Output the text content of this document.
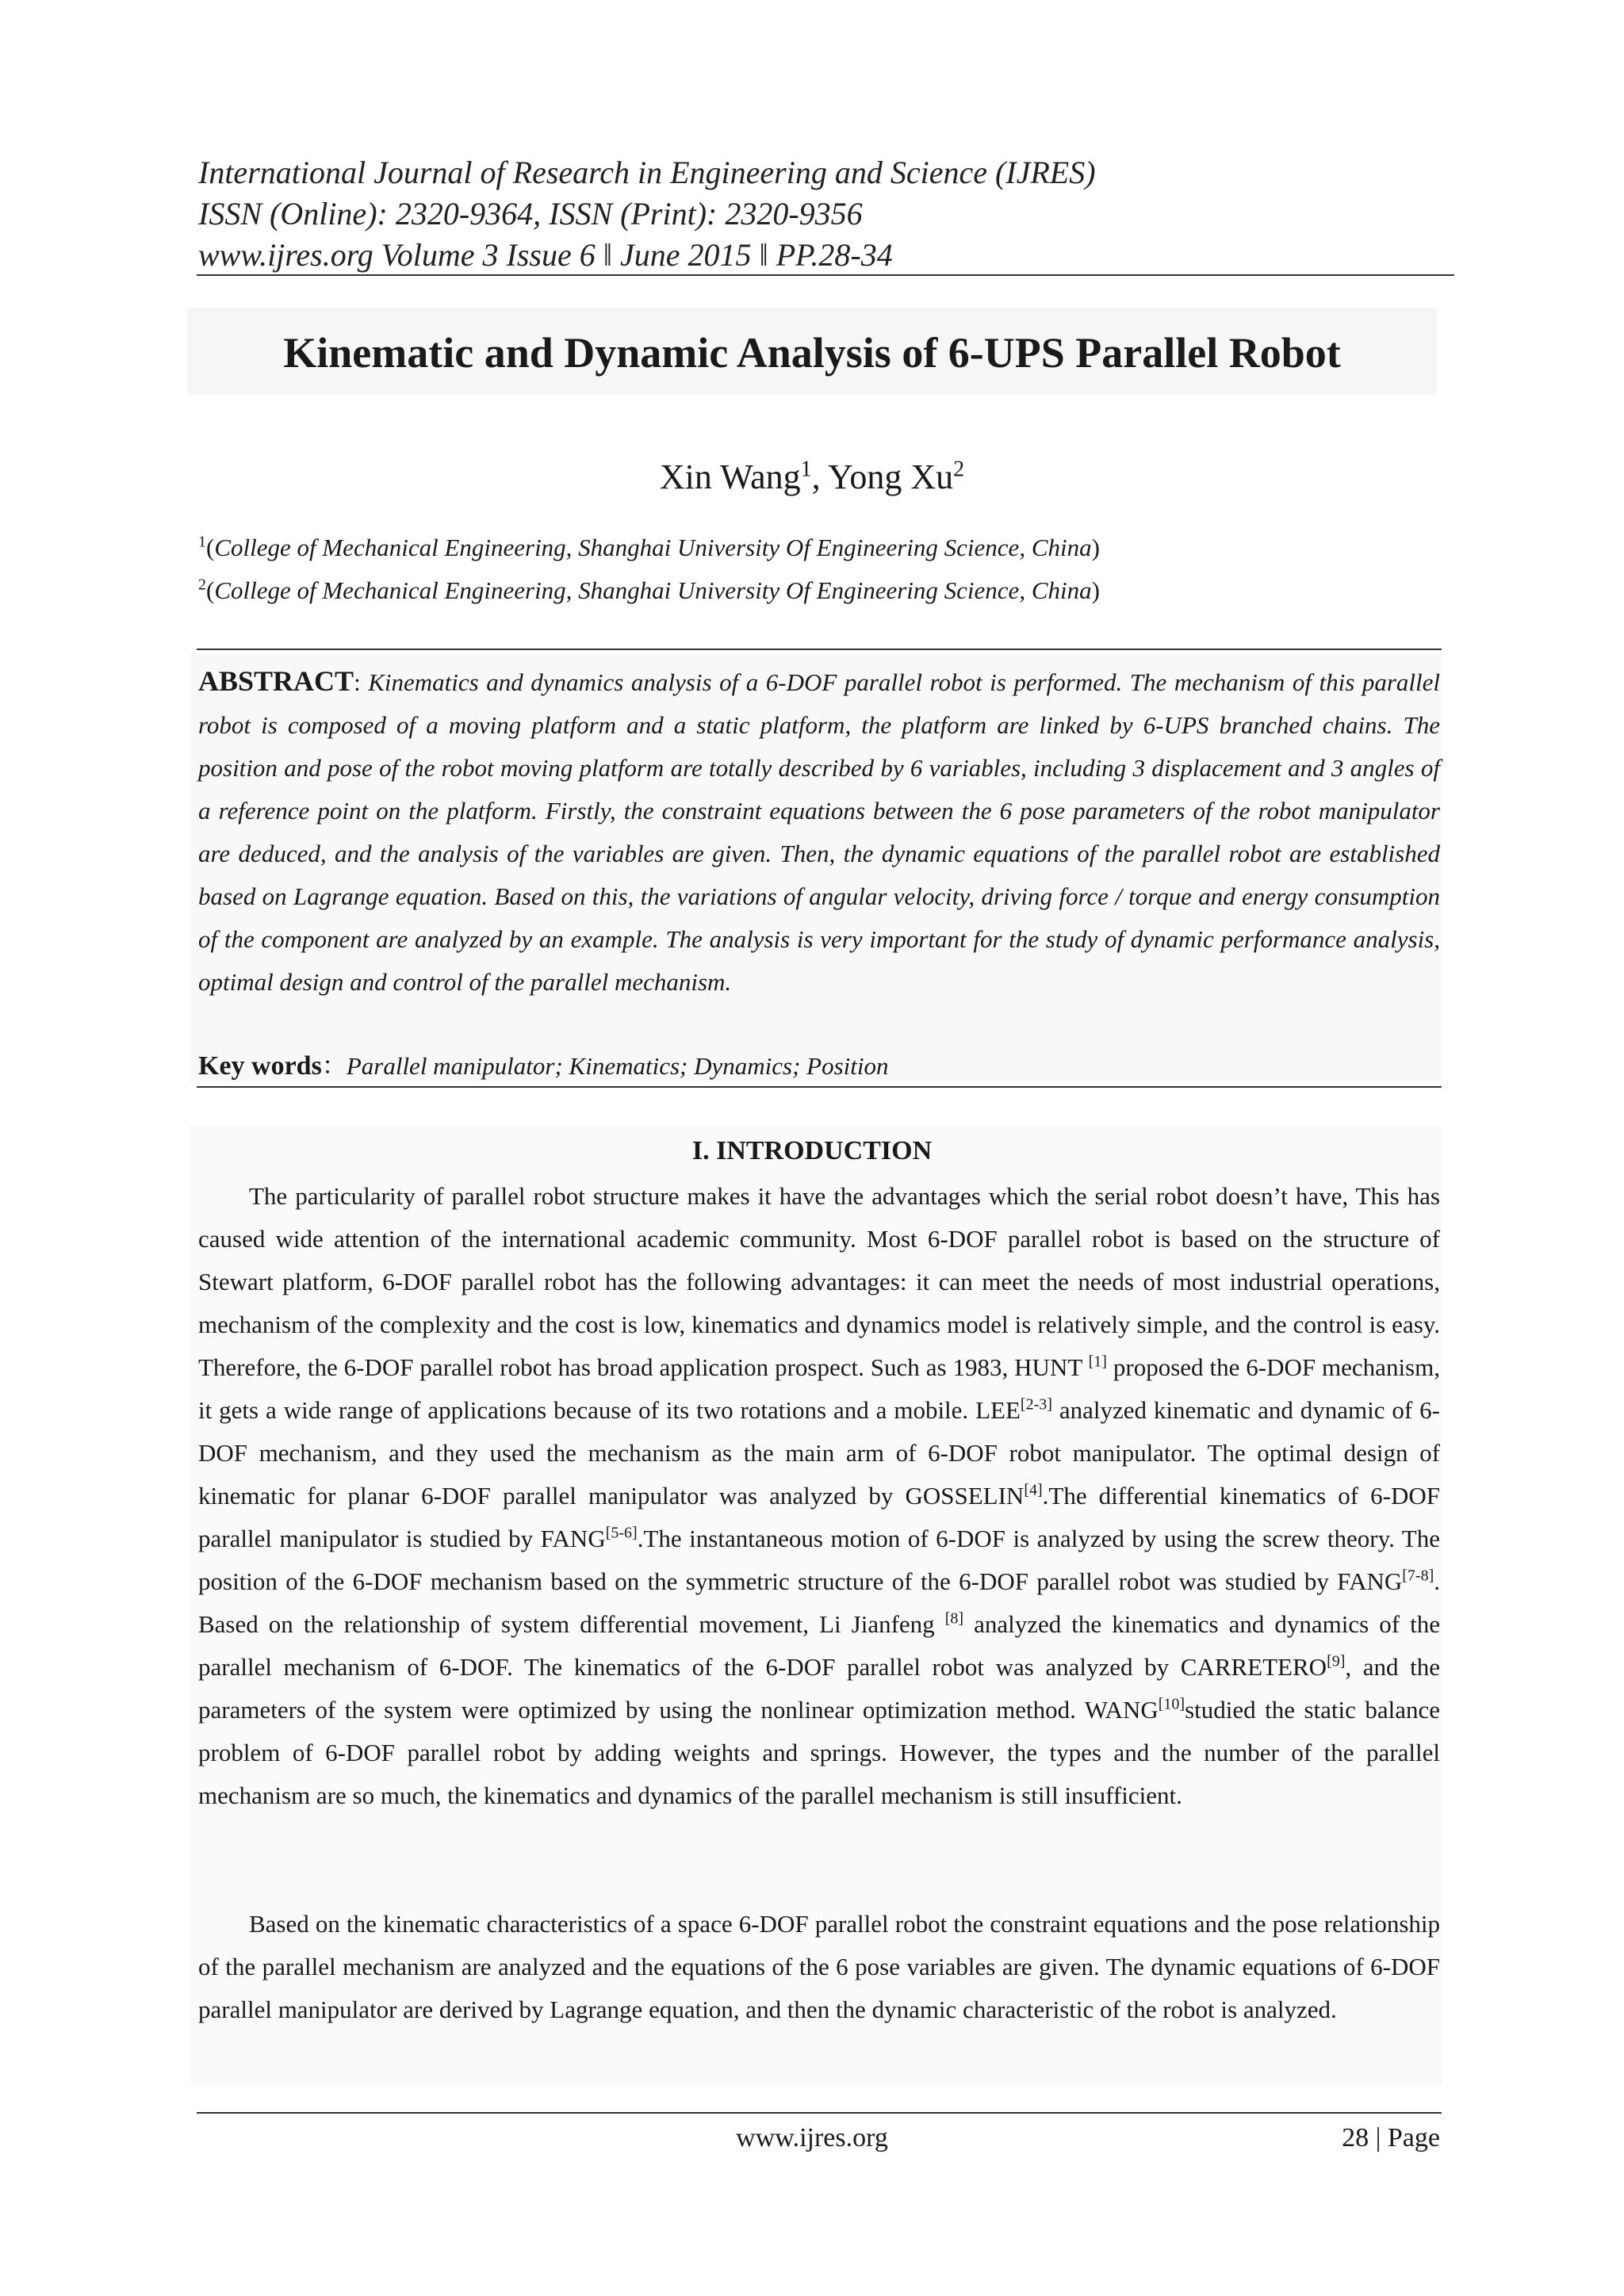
International Journal of Research in Engineering and Science (IJRES)
ISSN (Online): 2320-9364, ISSN (Print): 2320-9356
www.ijres.org Volume 3 Issue 6 ǁ June 2015 ǁ PP.28-34
Kinematic and Dynamic Analysis of 6-UPS Parallel Robot
Xin Wang$^1$, Yong Xu$^2$
$^1$(College of Mechanical Engineering, Shanghai University Of Engineering Science, China)
$^2$(College of Mechanical Engineering, Shanghai University Of Engineering Science, China)
ABSTRACT: Kinematics and dynamics analysis of a 6-DOF parallel robot is performed. The mechanism of this parallel robot is composed of a moving platform and a static platform, the platform are linked by 6-UPS branched chains. The position and pose of the robot moving platform are totally described by 6 variables, including 3 displacement and 3 angles of a reference point on the platform. Firstly, the constraint equations between the 6 pose parameters of the robot manipulator are deduced, and the analysis of the variables are given. Then, the dynamic equations of the parallel robot are established based on Lagrange equation. Based on this, the variations of angular velocity, driving force / torque and energy consumption of the component are analyzed by an example. The analysis is very important for the study of dynamic performance analysis, optimal design and control of the parallel mechanism.
Key words：Parallel manipulator; Kinematics; Dynamics; Position
I. INTRODUCTION
The particularity of parallel robot structure makes it have the advantages which the serial robot doesn’t have, This has caused wide attention of the international academic community. Most 6-DOF parallel robot is based on the structure of Stewart platform, 6-DOF parallel robot has the following advantages: it can meet the needs of most industrial operations, mechanism of the complexity and the cost is low, kinematics and dynamics model is relatively simple, and the control is easy. Therefore, the 6-DOF parallel robot has broad application prospect. Such as 1983, HUNT [1] proposed the 6-DOF mechanism, it gets a wide range of applications because of its two rotations and a mobile. LEE[2-3] analyzed kinematic and dynamic of 6-DOF mechanism, and they used the mechanism as the main arm of 6-DOF robot manipulator. The optimal design of kinematic for planar 6-DOF parallel manipulator was analyzed by GOSSELIN[4].The differential kinematics of 6-DOF parallel manipulator is studied by FANG[5-6].The instantaneous motion of 6-DOF is analyzed by using the screw theory. The position of the 6-DOF mechanism based on the symmetric structure of the 6-DOF parallel robot was studied by FANG[7-8]. Based on the relationship of system differential movement, Li Jianfeng [8] analyzed the kinematics and dynamics of the parallel mechanism of 6-DOF. The kinematics of the 6-DOF parallel robot was analyzed by CARRETERO[9], and the parameters of the system were optimized by using the nonlinear optimization method. WANG[10]studied the static balance problem of 6-DOF parallel robot by adding weights and springs. However, the types and the number of the parallel mechanism are so much, the kinematics and dynamics of the parallel mechanism is still insufficient.
Based on the kinematic characteristics of a space 6-DOF parallel robot the constraint equations and the pose relationship of the parallel mechanism are analyzed and the equations of the 6 pose variables are given. The dynamic equations of 6-DOF parallel manipulator are derived by Lagrange equation, and then the dynamic characteristic of the robot is analyzed.
www.ijres.org	28 | Page
